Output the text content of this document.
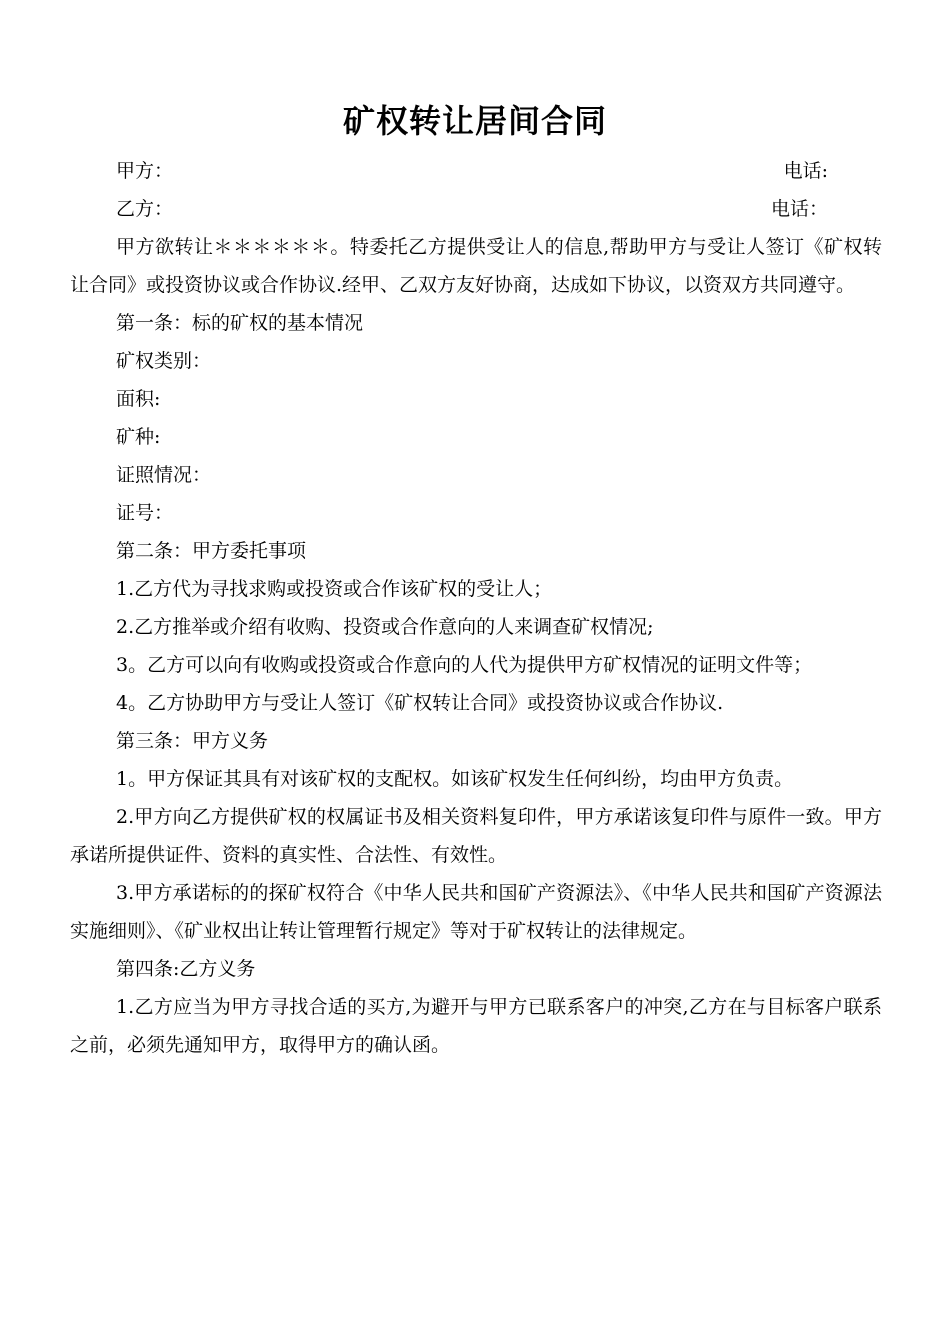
矿权转让居间合同
甲方：	电话:
乙方：	电话：

甲方欲转让＊＊＊＊＊＊。特委托乙方提供受让人的信息,帮助甲方与受让人签订《矿权转让合同》或投资协议或合作协议.经甲、乙双方友好协商，达成如下协议，以资双方共同遵守。

第一条：标的矿权的基本情况

矿权类别：

面积:

矿种:

证照情况：

证号：

第二条：甲方委托事项

1.乙方代为寻找求购或投资或合作该矿权的受让人；

2.乙方推举或介绍有收购、投资或合作意向的人来调查矿权情况;

3。乙方可以向有收购或投资或合作意向的人代为提供甲方矿权情况的证明文件等；

4。乙方协助甲方与受让人签订《矿权转让合同》或投资协议或合作协议.

第三条：甲方义务

1。甲方保证其具有对该矿权的支配权。如该矿权发生任何纠纷，均由甲方负责。

2.甲方向乙方提供矿权的权属证书及相关资料复印件，甲方承诺该复印件与原件一致。甲方承诺所提供证件、资料的真实性、合法性、有效性。

3.甲方承诺标的的探矿权符合《中华人民共和国矿产资源法》、《中华人民共和国矿产资源法实施细则》、《矿业权出让转让管理暂行规定》等对于矿权转让的法律规定。

第四条:乙方义务

1.乙方应当为甲方寻找合适的买方,为避开与甲方已联系客户的冲突,乙方在与目标客户联系之前，必须先通知甲方，取得甲方的确认函。
